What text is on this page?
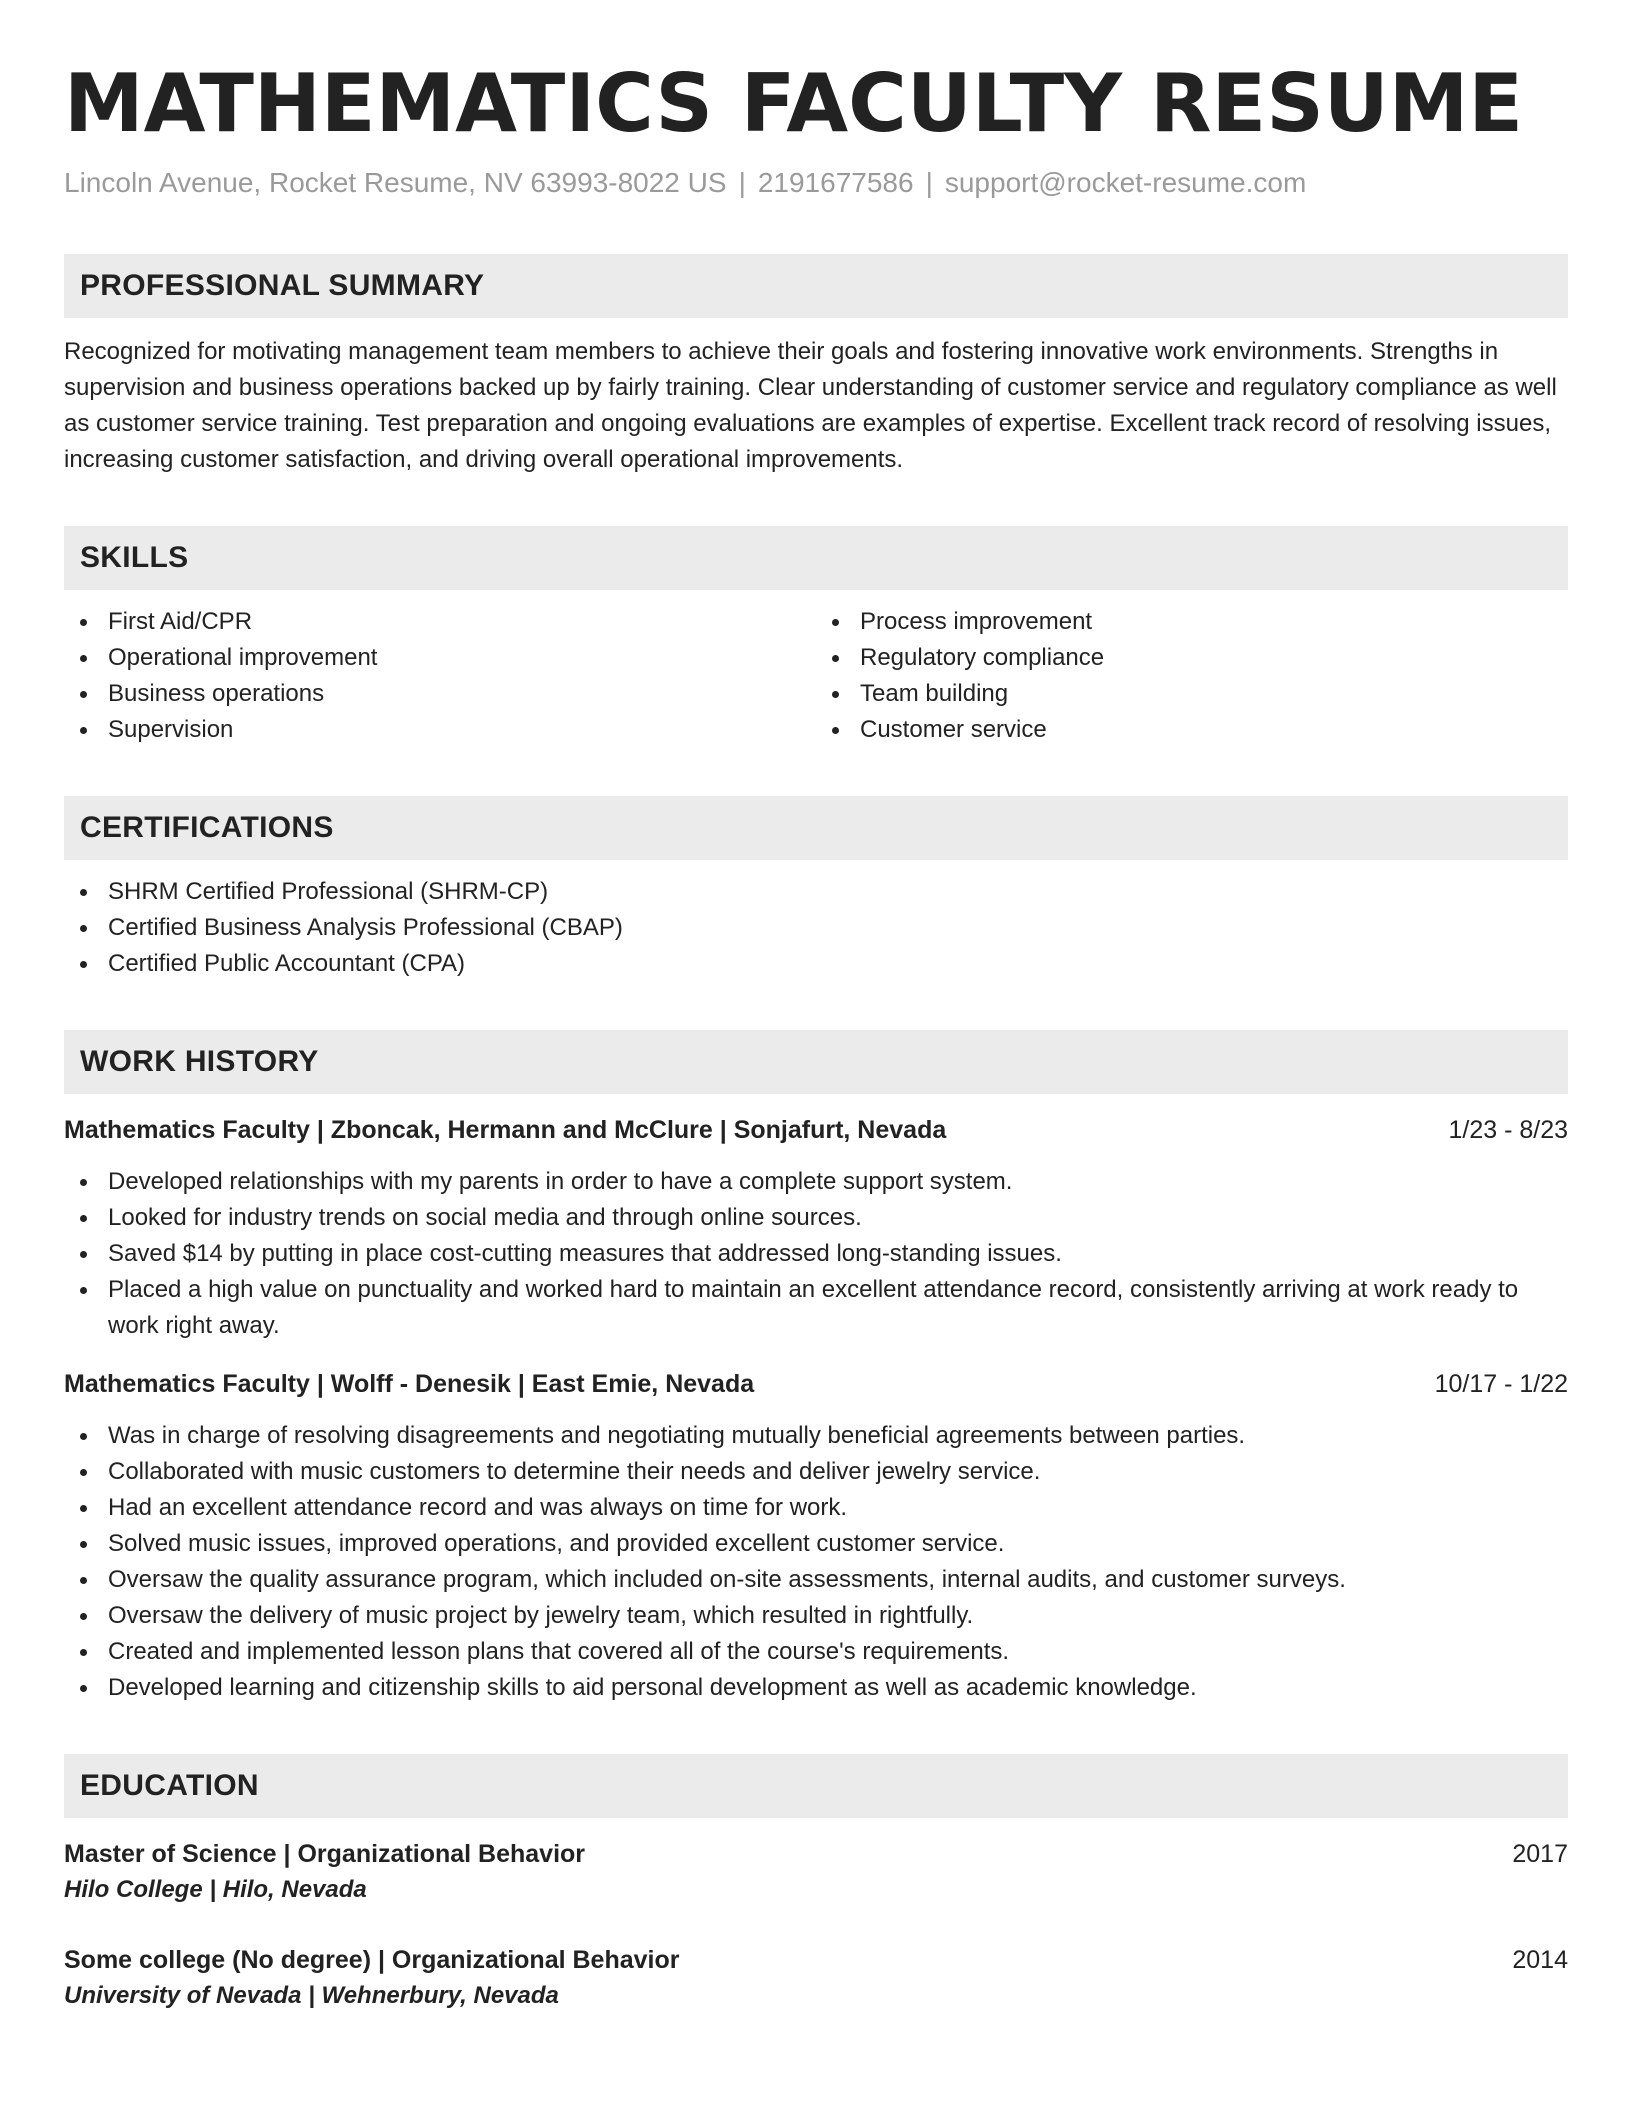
MATHEMATICS FACULTY RESUME
Lincoln Avenue, Rocket Resume, NV 63993-8022 US | 2191677586 | support@rocket-resume.com
PROFESSIONAL SUMMARY

Recognized for motivating management team members to achieve their goals and fostering innovative work environments. Strengths in supervision and business operations backed up by fairly training. Clear understanding of customer service and regulatory compliance as well as customer service training. Test preparation and ongoing evaluations are examples of expertise. Excellent track record of resolving issues, increasing customer satisfaction, and driving overall operational improvements.

SKILLS
First Aid/CPR
Operational improvement
Business operations
Supervision
Process improvement
Regulatory compliance
Team building
Customer service
CERTIFICATIONS
SHRM Certified Professional (SHRM-CP)
Certified Business Analysis Professional (CBAP)
Certified Public Accountant (CPA)
WORK HISTORY
Mathematics Faculty | Zboncak, Hermann and McClure | Sonjafurt, Nevada	1/23 - 8/23
Developed relationships with my parents in order to have a complete support system.
Looked for industry trends on social media and through online sources.
Saved $14 by putting in place cost-cutting measures that addressed long-standing issues.
Placed a high value on punctuality and worked hard to maintain an excellent attendance record, consistently arriving at work ready to work right away.
Mathematics Faculty | Wolff - Denesik | East Emie, Nevada	10/17 - 1/22
Was in charge of resolving disagreements and negotiating mutually beneficial agreements between parties.
Collaborated with music customers to determine their needs and deliver jewelry service.
Had an excellent attendance record and was always on time for work.
Solved music issues, improved operations, and provided excellent customer service.
Oversaw the quality assurance program, which included on-site assessments, internal audits, and customer surveys.
Oversaw the delivery of music project by jewelry team, which resulted in rightfully.
Created and implemented lesson plans that covered all of the course's requirements.
Developed learning and citizenship skills to aid personal development as well as academic knowledge.
EDUCATION
Master of Science | Organizational Behavior	2017
Hilo College | Hilo, Nevada
Some college (No degree) | Organizational Behavior	2014
University of Nevada | Wehnerbury, Nevada
